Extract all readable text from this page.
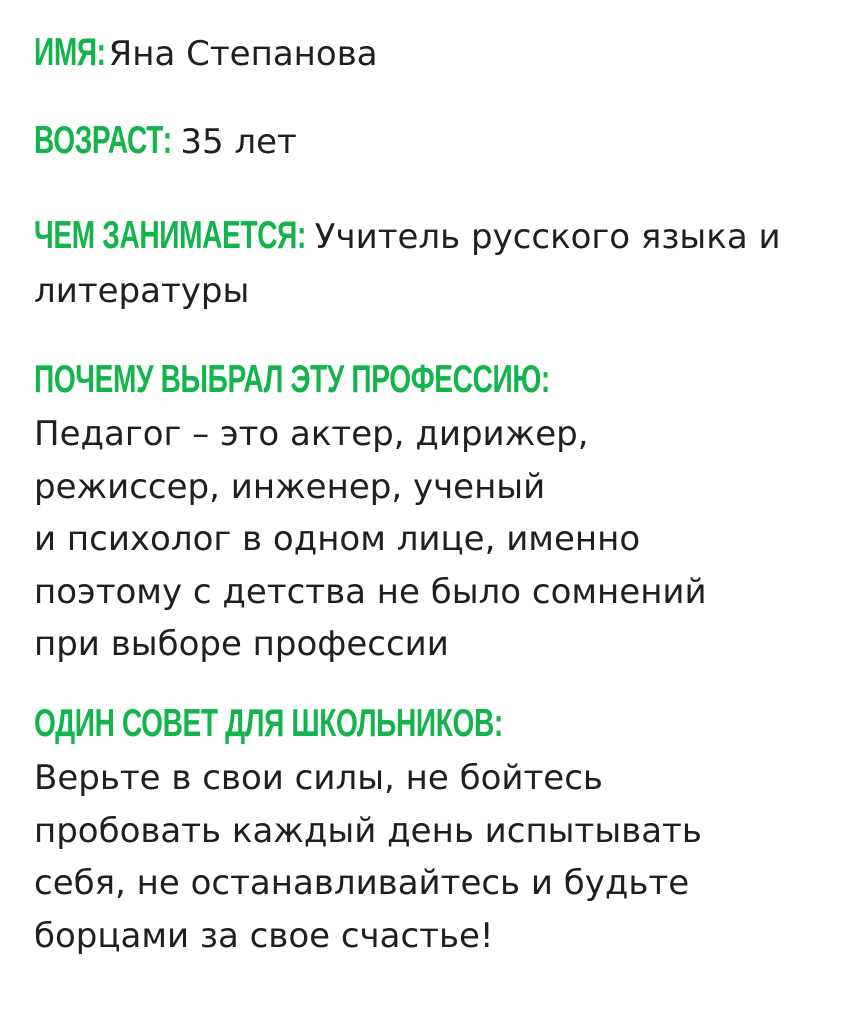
ИМЯ: Яна Степанова
ВОЗРАСТ: 35 лет
ЧЕМ ЗАНИМАЕТСЯ: Учитель русского языка и литературы
ПОЧЕМУ ВЫБРАЛ ЭТУ ПРОФЕССИЮ:
Педагог – это актер, дирижер,
режиссер, инженер, ученый
и психолог в одном лице, именно
поэтому с детства не было сомнений
при выборе профессии
ОДИН СОВЕТ ДЛЯ ШКОЛЬНИКОВ:
Верьте в свои силы, не бойтесь
пробовать каждый день испытывать
себя, не останавливайтесь и будьте
борцами за свое счастье!
